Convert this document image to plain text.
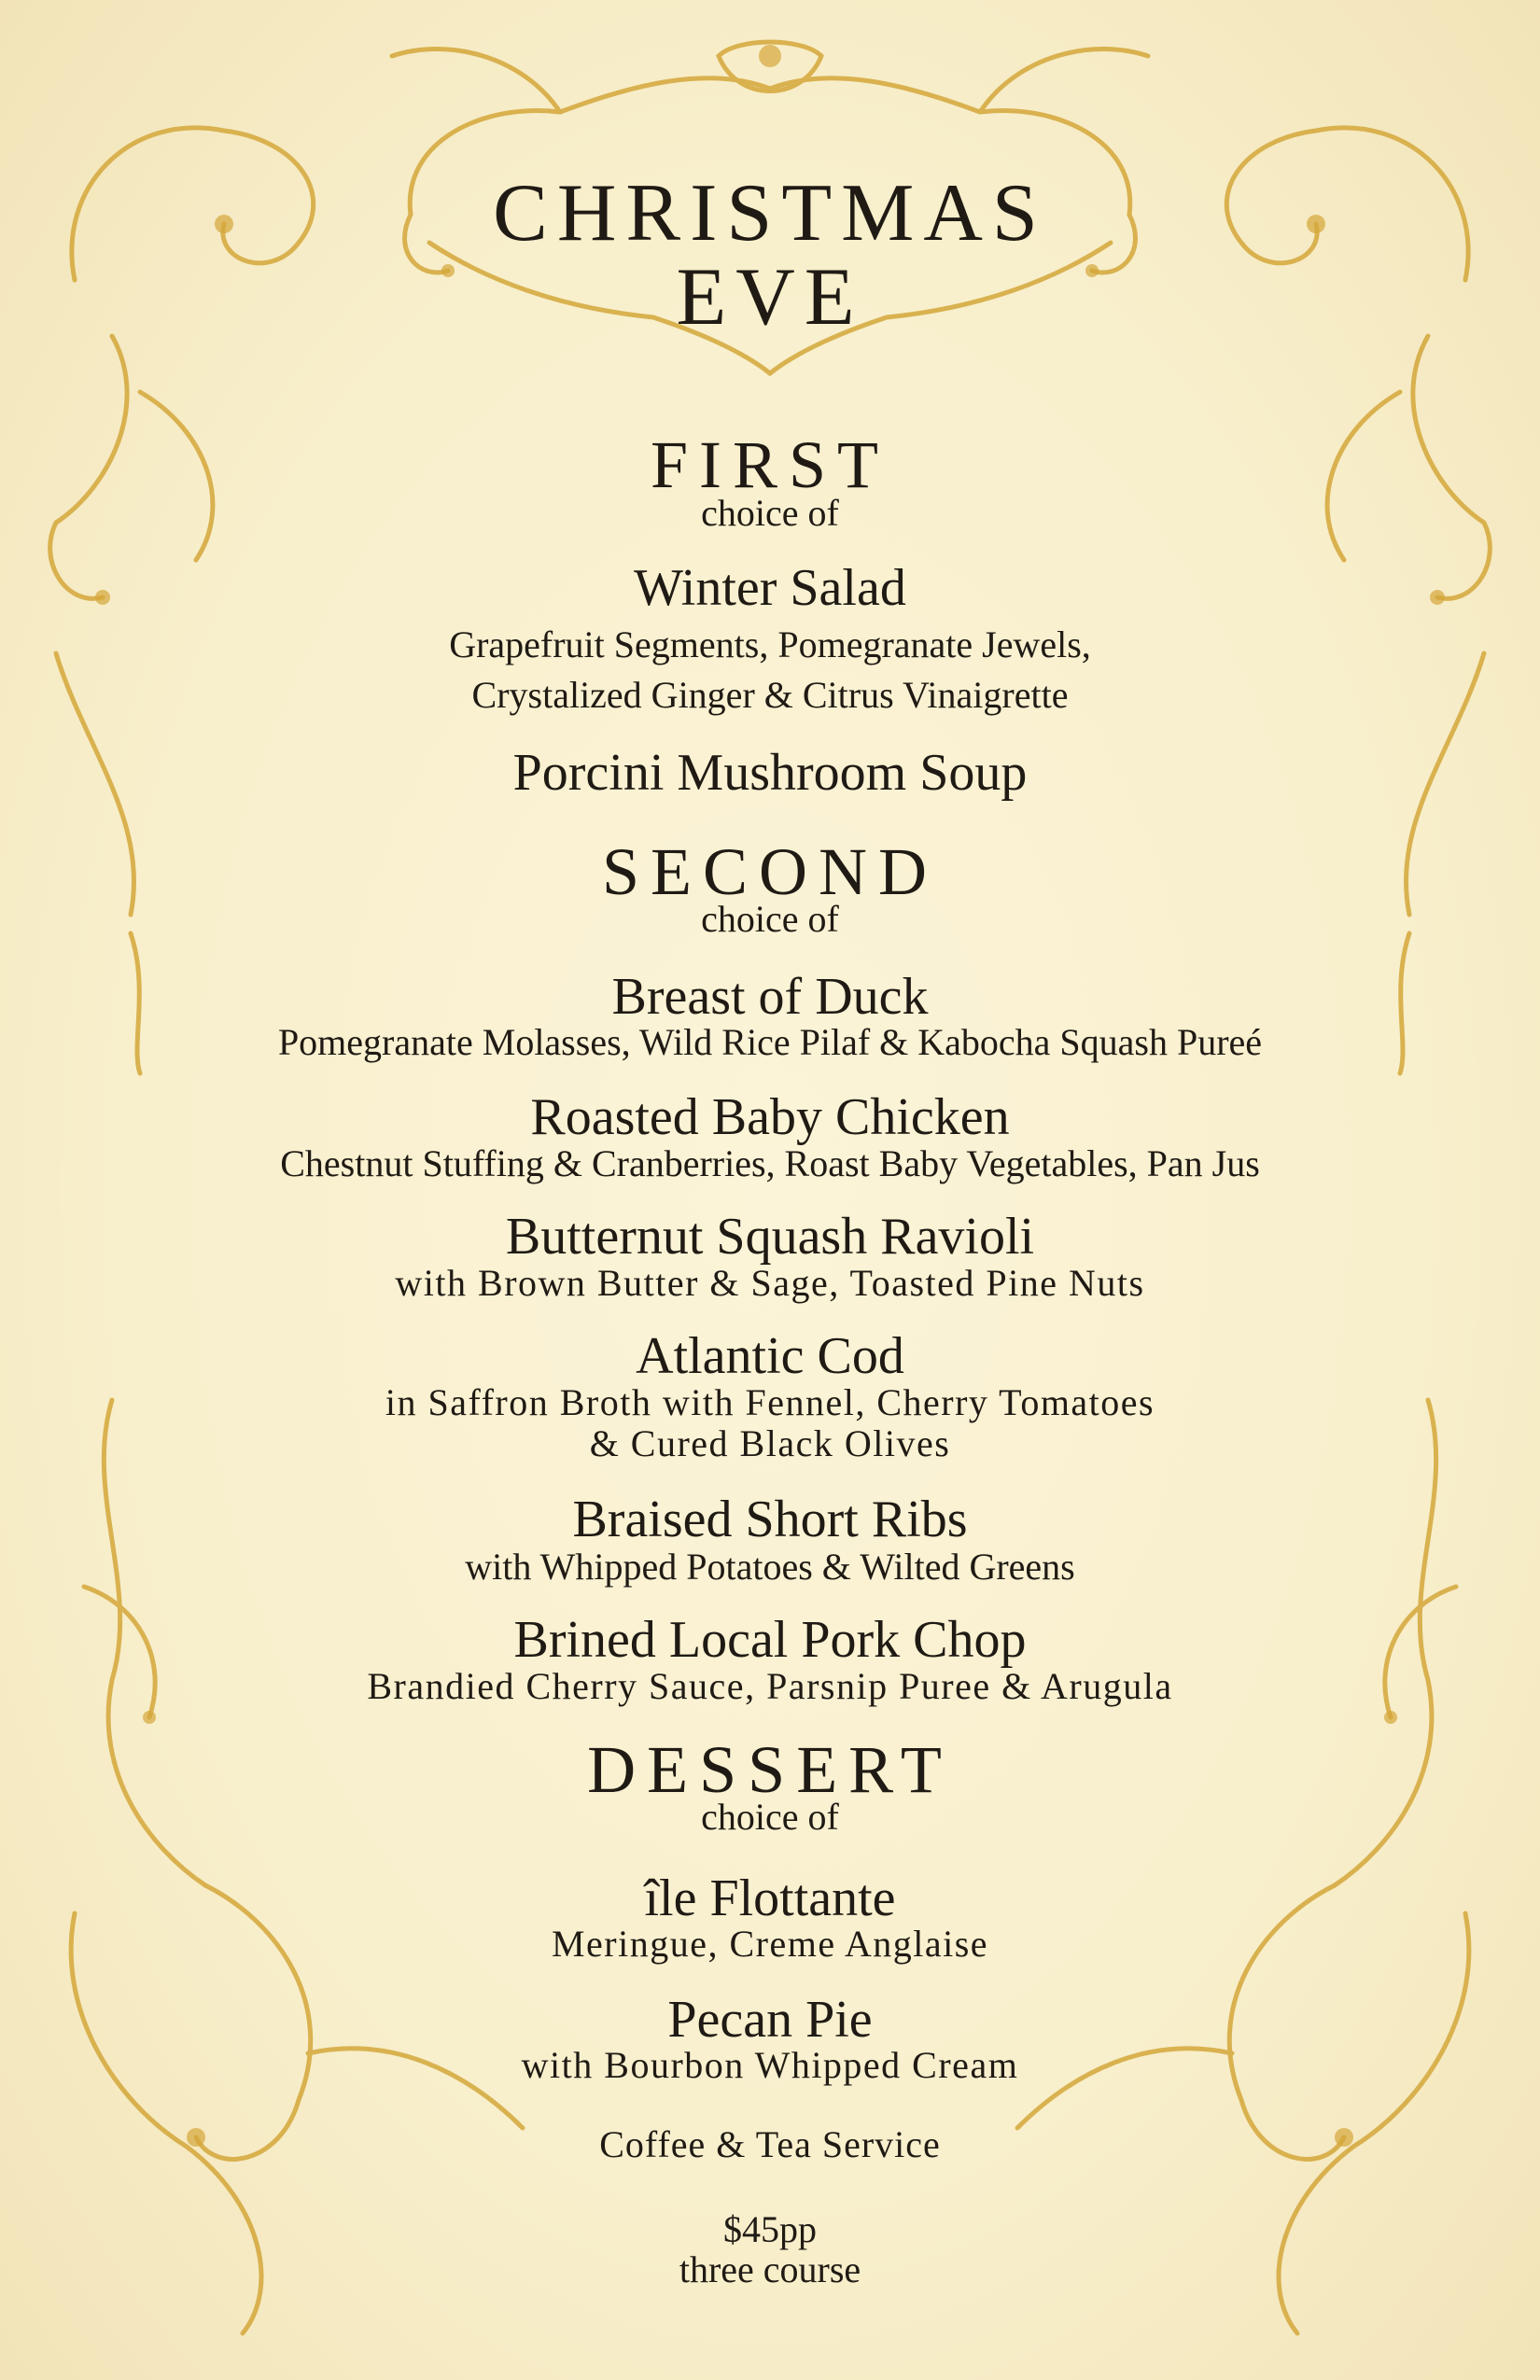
CHRISTMAS
EVE
FIRST
choice of
Winter Salad
Grapefruit Segments, Pomegranate Jewels,
Crystalized Ginger & Citrus Vinaigrette
Porcini Mushroom Soup
SECOND
choice of
Breast of Duck
Pomegranate Molasses, Wild Rice Pilaf & Kabocha Squash Pureé
Roasted Baby Chicken
Chestnut Stuffing & Cranberries, Roast Baby Vegetables, Pan Jus
Butternut Squash Ravioli
with Brown Butter & Sage, Toasted Pine Nuts
Atlantic Cod
in Saffron Broth with Fennel, Cherry Tomatoes
& Cured Black Olives
Braised Short Ribs
with Whipped Potatoes & Wilted Greens
Brined Local Pork Chop
Brandied Cherry Sauce, Parsnip Puree & Arugula
DESSERT
choice of
île Flottante
Meringue, Creme Anglaise
Pecan Pie
with Bourbon Whipped Cream
Coffee & Tea Service
$45pp
three course
